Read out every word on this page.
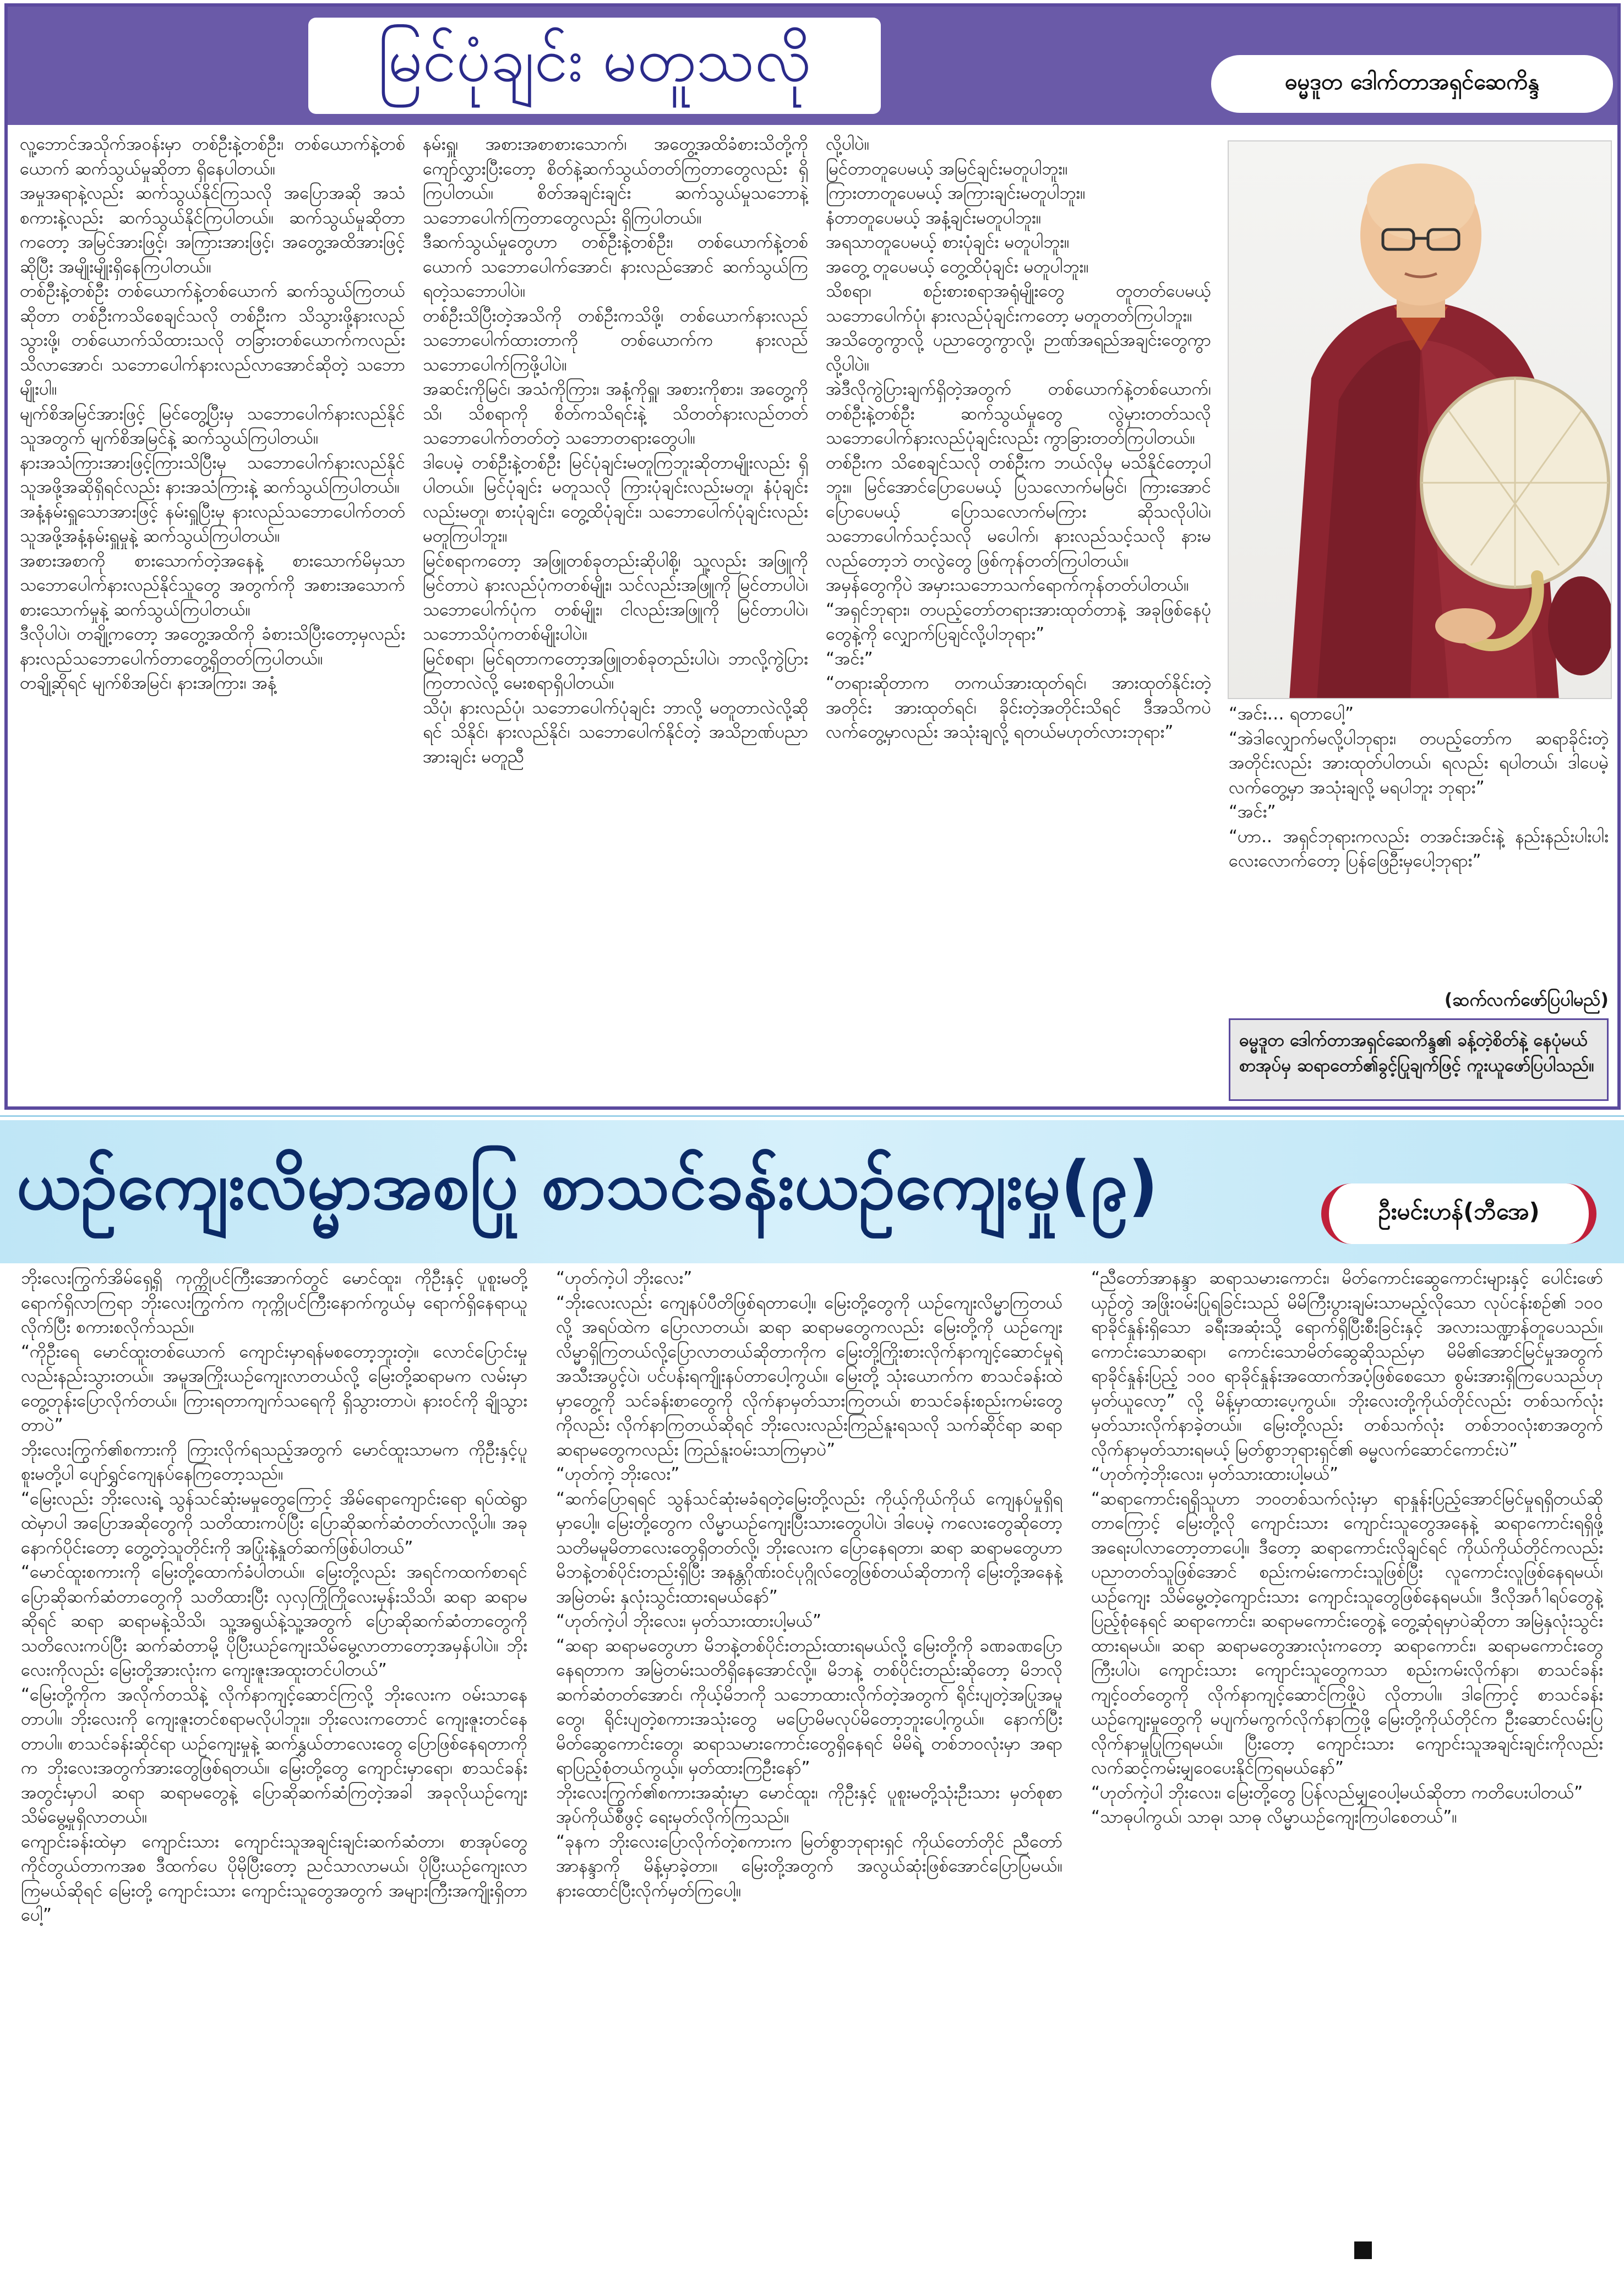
မြင်ပုံချင်း မတူသလို	ဓမ္မဒူတ ဒေါက်တာအရှင်ဆေကိန္ဒ
လူ့ဘောင်အသိုက်အဝန်းမှာ တစ်ဦးနဲ့တစ်ဦး၊ တစ်ယောက်နဲ့တစ်ယောက် ဆက်သွယ်မှုဆိုတာ ရှိနေပါတယ်။
အမှုအရာနဲ့လည်း ဆက်သွယ်နိုင်ကြသလို အပြောအဆို အသံစကားနဲ့လည်း ဆက်သွယ်နိုင်ကြပါတယ်။ ဆက်သွယ်မှုဆိုတာကတော့ အမြင်အားဖြင့်၊ အကြားအားဖြင့်၊ အတွေ့အထိအားဖြင့်ဆိုပြီး အမျိုးမျိုးရှိနေကြပါတယ်။
တစ်ဦးနဲ့တစ်ဦး တစ်ယောက်နဲ့တစ်ယောက် ဆက်သွယ်ကြတယ်ဆိုတာ တစ်ဦးကသိစေချင်သလို တစ်ဦးက သိသွားဖို့နားလည်သွားဖို့၊ တစ်ယောက်သိထားသလို တခြားတစ်ယောက်ကလည်း သိလာအောင်၊ သဘောပေါက်နားလည်လာအောင်ဆိုတဲ့ သဘောမျိုးပါ။
မျက်စိအမြင်အားဖြင့် မြင်တွေ့ပြီးမှ သဘောပေါက်နားလည်နိုင်သူအတွက် မျက်စိအမြင်နဲ့ ဆက်သွယ်ကြပါတယ်။
နားအသံကြားအားဖြင့်ကြားသိပြီးမှ သဘောပေါက်နားလည်နိုင်သူအဖို့အဆိုရှိရင်လည်း နားအသံကြားနဲ့ ဆက်သွယ်ကြပါတယ်။
အနံ့နမ်းရှူသောအားဖြင့် နမ်းရှူပြီးမှ နားလည်သဘောပေါက်တတ်သူအဖို့အနံ့နမ်းရှူမှုနဲ့ ဆက်သွယ်ကြပါတယ်။
အစားအစာကို စားသောက်တဲ့အနေနဲ့ စားသောက်မိမှသာ သဘောပေါက်နားလည်နိုင်သူတွေ အတွက်ကို အစားအသောက်စားသောက်မှုနဲ့ ဆက်သွယ်ကြပါတယ်။
ဒီလိုပါပဲ၊ တချို့ကတော့ အတွေ့အထိကို ခံစားသိပြီးတော့မှလည်း နားလည်သဘောပေါက်တာတွေ့ရှိတတ်ကြပါတယ်။
တချို့ဆိုရင် မျက်စိအမြင်၊ နားအကြား၊ အနံ့
နမ်းရှူ၊ အစားအစာစားသောက်၊ အတွေ့အထိခံစားသိတို့ကို ကျော်လွှားပြီးတော့ စိတ်နဲ့ဆက်သွယ်တတ်ကြတာတွေလည်း ရှိကြပါတယ်။ စိတ်အချင်းချင်း ဆက်သွယ်မှုသဘောနဲ့ သဘောပေါက်ကြတာတွေလည်း ရှိကြပါတယ်။
ဒီဆက်သွယ်မှုတွေဟာ တစ်ဦးနဲ့တစ်ဦး၊ တစ်ယောက်နဲ့တစ်ယောက် သဘောပေါက်အောင်၊ နားလည်အောင် ဆက်သွယ်ကြရတဲ့သဘောပါပဲ။
တစ်ဦးသိပြီးတဲ့အသိကို တစ်ဦးကသိဖို့၊ တစ်ယောက်နားလည်သဘောပေါက်ထားတာကို တစ်ယောက်က နားလည်သဘောပေါက်ကြဖို့ပါပဲ။
အဆင်းကိုမြင်၊ အသံကိုကြား၊ အနံ့ကိုရှူ၊ အစားကိုစား၊ အတွေ့ကိုသိ၊ သိစရာကို စိတ်ကသိရင်းနဲ့ သိတတ်နားလည်တတ် သဘောပေါက်တတ်တဲ့ သဘောတရားတွေပါ။
ဒါပေမဲ့ တစ်ဦးနဲ့တစ်ဦး မြင်ပုံချင်းမတူကြဘူးဆိုတာမျိုးလည်း ရှိပါတယ်။ မြင်ပုံချင်း မတူသလို ကြားပုံချင်းလည်းမတူ၊ နံပုံချင်းလည်းမတူ၊ စားပုံချင်း၊ တွေ့ထိပုံချင်း၊ သဘောပေါက်ပုံချင်းလည်း မတူကြပါဘူး။
မြင်စရာကတော့ အဖြူတစ်ခုတည်းဆိုပါစို့၊ သူ့လည်း အဖြူကိုမြင်တာပဲ နားလည်ပုံကတစ်မျိုး၊ သင်လည်းအဖြူကို မြင်တာပါပဲ၊ သဘောပေါက်ပုံက တစ်မျိုး၊ ငါလည်းအဖြူကို မြင်တာပါပဲ၊ သဘောသိပုံကတစ်မျိုးပါပဲ။
မြင်စရာ၊ မြင်ရတာကတော့အဖြူတစ်ခုတည်းပါပဲ၊ ဘာလို့ကွဲပြားကြတာလဲလို့ မေးစရာရှိပါတယ်။
သိပုံ၊ နားလည်ပုံ၊ သဘောပေါက်ပုံချင်း ဘာလို့ မတူတာလဲလို့ဆိုရင် သိနိုင်၊ နားလည်နိုင်၊ သဘောပေါက်နိုင်တဲ့ အသိဉာဏ်ပညာအားချင်း မတူညီ
လို့ပါပဲ။
မြင်တာတူပေမယ့် အမြင်ချင်းမတူပါဘူး။
ကြားတာတူပေမယ့် အကြားချင်းမတူပါဘူး။
နံတာတူပေမယ့် အနံ့ချင်းမတူပါဘူး။
အရသာတူပေမယ့် စားပုံချင်း မတူပါဘူး။
အတွေ့ တူပေမယ့် တွေ့ထိပုံချင်း မတူပါဘူး။
သိစရာ၊ စဉ်းစားစရာအရုံမျိုးတွေ တူတတ်ပေမယ့် သဘောပေါက်ပုံ၊ နားလည်ပုံချင်းကတော့ မတူတတ်ကြပါဘူး။
အသိတွေကွာလို့ ပညာတွေကွာလို့၊ ဉာဏ်အရည်အချင်းတွေကွာလို့ပါပဲ။
အဲဒီလိုကွဲပြားချက်ရှိတဲ့အတွက် တစ်ယောက်နဲ့တစ်ယောက်၊ တစ်ဦးနဲ့တစ်ဦး ဆက်သွယ်မှုတွေ လွဲမှားတတ်သလို သဘောပေါက်နားလည်ပုံချင်းလည်း ကွာခြားတတ်ကြပါတယ်။
တစ်ဦးက သိစေချင်သလို တစ်ဦးက ဘယ်လိုမှ မသိနိုင်တော့ပါဘူး။ မြင်အောင်ပြောပေမယ့် ပြသလောက်မမြင်၊ ကြားအောင်ပြောပေမယ့် ပြောသလောက်မကြား ဆိုသလိုပါပဲ၊ သဘောပေါက်သင့်သလို မပေါက်၊ နားလည်သင့်သလို နားမလည်တော့ဘဲ တလွဲတွေ ဖြစ်ကုန်တတ်ကြပါတယ်။
အမှန်တွေကိုပဲ အမှားသဘောသက်ရောက်ကုန်တတ်ပါတယ်။
“အရှင်ဘုရား၊ တပည့်တော်တရားအားထုတ်တာနဲ့ အခုဖြစ်နေပုံတွေနဲ့ကို လျှောက်ပြချင်လို့ပါဘုရား”
“အင်း”
“တရားဆိုတာက တကယ်အားထုတ်ရင်၊ အားထုတ်နိုင်းတဲ့အတိုင်း အားထုတ်ရင်၊ ခိုင်းတဲ့အတိုင်းသိရင် ဒီအသိကပဲ လက်တွေ့မှာလည်း အသုံးချလို့ ရတယ်မဟုတ်လားဘုရား”
“အင်း… ရတာပေါ့”
“အဲဒါလျှောက်မလို့ပါဘုရား၊ တပည့်တော်က ဆရာခိုင်းတဲ့အတိုင်းလည်း အားထုတ်ပါတယ်၊ ရလည်း ရပါတယ်၊ ဒါပေမဲ့ လက်တွေ့မှာ အသုံးချလို့ မရပါဘူး ဘုရား”
“အင်း”
“ဟာ.. အရှင်ဘုရားကလည်း တအင်းအင်းနဲ့ နည်းနည်းပါးပါးလေးလောက်တော့ ပြန်ဖြေဦးမှပေါ့ဘုရား”
(ဆက်လက်ဖော်ပြပါမည်)
ဓမ္မဒူတ ဒေါက်တာအရှင်ဆေကိန္ဒ၏ ခန့်တဲ့စိတ်နဲ့ နေပုံမယ် စာအုပ်မှ ဆရာတော်၏ခွင့်ပြုချက်ဖြင့် ကူးယူဖော်ပြပါသည်။
ယဉ်ကျေးလိမ္မာအစပြု စာသင်ခန်းယဉ်ကျေးမှု(၉)	ဦးမင်းဟန်(ဘီအေ)
ဘိုးလေးကြွက်အိမ်ရှေ့ရှိ ကုက္ကိုပင်ကြီးအောက်တွင် မောင်ထူး၊ ကိုဦးနှင့် ပူစူးမတို့ရောက်ရှိလာကြရာ ဘိုးလေးကြွက်က ကုက္ကိုပင်ကြီးနောက်ကွယ်မှ ရောက်ရှိနေရာယူလိုက်ပြီး စကားစလိုက်သည်။
“ကိုဦးရေ မောင်ထူးတစ်ယောက် ကျောင်းမှာရန်မစတော့ဘူးတဲ့။ လောင်ပြောင်းမှုလည်းနည်းသွားတယ်။ အမူအကြိုးယဉ်ကျေးလာတယ်လို့ မြေးတို့ဆရာမက လမ်းမှာတွေ့တုန်းပြောလိုက်တယ်။ ကြားရတာကျက်သရေကို ရှိသွားတာပဲ၊ နားဝင်ကို ချိုသွားတာပဲ”
ဘိုးလေးကြွက်၏စကားကို ကြားလိုက်ရသည့်အတွက် မောင်ထူးသာမက ကိုဦးနှင့်ပူစူးမတို့ပါ ပျော်ရွှင်ကျေနပ်နေကြတော့သည်။
“မြေးလည်း ဘိုးလေးရဲ့ သွန်သင်ဆုံးမမှုတွေကြောင့် အိမ်ရောကျောင်းရော ရပ်ထဲရွာထဲမှာပါ အပြောအဆိုတွေကို သတိထားကပ်ပြီး ပြောဆိုဆက်ဆံတတ်လာလို့ပါ။ အခုနောက်ပိုင်းတော့ တွေ့တဲ့သူတိုင်းကို အပြုံးနဲ့နှုတ်ဆက်ဖြစ်ပါတယ်”
“မောင်ထူးစကားကို မြေးတို့ထောက်ခံပါတယ်။ မြေးတို့လည်း အရင်ကထက်စာရင် ပြောဆိုဆက်ဆံတာတွေကို သတိထားပြီး လှလှကြိုကြိုလေးမှန်းသိသိ၊ ဆရာ ဆရာမဆိုရင် ဆရာ ဆရာမနဲ့သိသိ၊ သူ့အရွယ်နဲ့သူ့အတွက် ပြောဆိုဆက်ဆံတာတွေကို သတိလေးကပ်ပြီး ဆက်ဆံတာမို့ ပိုပြီးယဉ်ကျေးသိမ်မွေ့လာတာတော့အမှန်ပါပဲ။ ဘိုးလေးကိုလည်း မြေးတို့အားလုံးက ကျေးဇူးအထူးတင်ပါတယ်”
“မြေးတို့ကိုက အလိုက်တသိနဲ့ လိုက်နာကျင့်ဆောင်ကြလို့ ဘိုးလေးက ဝမ်းသာနေတာပါ။ ဘိုးလေးကို ကျေးဇူးတင်စရာမလိုပါဘူး။ ဘိုးလေးကတောင် ကျေးဇူးတင်နေတာပါ။ စာသင်ခန်းဆိုင်ရာ ယဉ်ကျေးမှုနဲ့ ဆက်နွှယ်တာလေးတွေ ပြောဖြစ်နေရတာကိုက ဘိုးလေးအတွက်အားတွေဖြစ်ရတယ်။ မြေးတို့တွေ ကျောင်းမှာရော၊ စာသင်ခန်းအတွင်းမှာပါ ဆရာ ဆရာမတွေနဲ့ ပြောဆိုဆက်ဆံကြတဲ့အခါ အခုလိုယဉ်ကျေးသိမ်မွေ့မှုရှိလာတယ်။
ကျောင်းခန်းထဲမှာ ကျောင်းသား ကျောင်းသူအချင်းချင်းဆက်ဆံတာ၊ စာအုပ်တွေကိုင်တွယ်တာကအစ ဒီထက်ပေ ပိုမိုပြီးတော့ ညင်သာလာမယ်၊ ပိုပြီးယဉ်ကျေးလာကြမယ်ဆိုရင် မြေးတို့ ကျောင်းသား ကျောင်းသူတွေအတွက် အများကြီးအကျိုးရှိတာပေါ့”
“ဟုတ်ကဲ့ပါ ဘိုးလေး”
“ဘိုးလေးလည်း ကျေနပ်ပီတိဖြစ်ရတာပေါ့။ မြေးတို့တွေကို ယဉ်ကျေးလိမ္မာကြတယ်လို့ အရပ်ထဲက ပြောလာတယ်၊ ဆရာ ဆရာမတွေကလည်း မြေးတို့ကို ယဉ်ကျေးလိမ္မာရှိကြတယ်လို့ပြောလာတယ်ဆိုတာကိုက မြေးတို့ကြိုးစားလိုက်နာကျင့်ဆောင်မှုရဲ့ အသီးအပွင့်ပဲ၊ ပင်ပန်းရကျိုးနပ်တာပေါ့ကွယ်။ မြေးတို့ သုံးယောက်က စာသင်ခန်းထဲမှာတွေ့ကို သင်ခန်းစာတွေကို လိုက်နာမှတ်သားကြတယ်၊ စာသင်ခန်းစည်းကမ်းတွေကိုလည်း လိုက်နာကြတယ်ဆိုရင် ဘိုးလေးလည်းကြည်နူးရသလို သက်ဆိုင်ရာ ဆရာ ဆရာမတွေကလည်း ကြည်နူးဝမ်းသာကြမှာပဲ”
“ဟုတ်ကဲ့ ဘိုးလေး”
“ဆက်ပြောရရင် သွန်သင်ဆုံးမခံရတဲ့မြေးတို့လည်း ကိုယ့်ကိုယ်ကိုယ် ကျေနပ်မှုရှိရမှာပေါ့။ မြေးတို့တွေက လိမ္မာယဉ်ကျေးပြီးသားတွေပါပဲ၊ ဒါပေမဲ့ ကလေးတွေဆိုတော့ သတိမမူမိတာလေးတွေရှိတတ်လို့၊ ဘိုးလေးက ပြောနေရတာ၊ ဆရာ ဆရာမတွေဟာ မိဘနဲ့တစ်ပိုင်းတည်းရှိပြီး အနန္တဂိုဏ်းဝင်ပုဂ္ဂိုလ်တွေဖြစ်တယ်ဆိုတာကို မြေးတို့အနေနဲ့ အမြဲတမ်း နှလုံးသွင်းထားရမယ်နော်”
“ဟုတ်ကဲ့ပါ ဘိုးလေး၊ မှတ်သားထားပါ့မယ်”
“ဆရာ ဆရာမတွေဟာ မိဘနဲ့တစ်ပိုင်းတည်းထားရမယ်လို့ မြေးတို့ကို ခဏခဏပြောနေရတာက အမြဲတမ်းသတိရှိနေအောင်လို့။ မိဘနဲ့ တစ်ပိုင်းတည်းဆိုတော့ မိဘလိုဆက်ဆံတတ်အောင်၊ ကိုယ့်မိဘကို သဘောထားလိုက်တဲ့အတွက် ရိုင်းပျတဲ့အပြုအမူတွေ၊ ရိုင်းပျတဲ့စကားအသုံးတွေ မပြောမိမလုပ်မိတော့ဘူးပေါ့ကွယ်။ နောက်ပြီး မိတ်ဆွေကောင်းတွေ၊ ဆရာသမားကောင်းတွေရှိနေရင် မိမိရဲ့ တစ်ဘဝလုံးမှာ အရာရာပြည့်စုံတယ်ကွယ့်။ မှတ်ထားကြဦးနော်”
ဘိုးလေးကြွက်၏စကားအဆုံးမှာ မောင်ထူး၊ ကိုဦးနှင့် ပူစူးမတို့သုံးဦးသား မှတ်စုစာအုပ်ကိုယ်စီဖွင့် ရေးမှတ်လိုက်ကြသည်။
“ခုနက ဘိုးလေးပြောလိုက်တဲ့စကားက မြတ်စွာဘုရားရှင် ကိုယ်တော်တိုင် ညီတော်အာနန္ဒာကို မိန့်မှာခဲ့တာ။ မြေးတို့အတွက် အလွယ်ဆုံးဖြစ်အောင်ပြောပြမယ်။ နားထောင်ပြီးလိုက်မှတ်ကြပေါ့။
“ညီတော်အာနန္ဒာ ဆရာသမားကောင်း၊ မိတ်ကောင်းဆွေကောင်းများနှင့် ပေါင်းဖော်ယှဉ်တွဲ အဖြိုးဝမ်းပြုရခြင်းသည် မိမိကြီးပွားချမ်းသာမည့်လိုသော လုပ်ငန်းစဉ်၏ ၁၀၀ ရာခိုင်နှုန်းရှိသော ခရီးအဆုံးသို့ ရောက်ရှိပြီးစီးခြင်းနှင့် အလားသဏ္ဍာန်တူပေသည်။ ကောင်းသောဆရာ၊ ကောင်းသောမိတ်ဆွေဆိုသည်မှာ မိမိ၏အောင်မြင်မှုအတွက် ရာခိုင်နှုန်းပြည့် ၁၀၀ ရာခိုင်နှုန်းအထောက်အပံ့ဖြစ်စေသော စွမ်းအားရှိကြပေသည်ဟု မှတ်ယူလော့” လို့ မိန့်မှာထားပေ့ကွယ်။ ဘိုးလေးတို့ကိုယ်တိုင်လည်း တစ်သက်လုံးမှတ်သားလိုက်နာခဲ့တယ်။ မြေးတို့လည်း တစ်သက်လုံး တစ်ဘဝလုံးစာအတွက် လိုက်နာမှတ်သားရမယ့် မြတ်စွာဘုရားရှင်၏ ဓမ္မလက်ဆောင်ကောင်းပဲ”
“ဟုတ်ကဲ့ဘိုးလေး၊ မှတ်သားထားပါ့မယ်”
“ဆရာကောင်းရရှိသူဟာ ဘဝတစ်သက်လုံးမှာ ရာနှုန်းပြည့်အောင်မြင်မှုရရှိတယ်ဆိုတာကြောင့် မြေးတို့လို ကျောင်းသား ကျောင်းသူတွေအနေနဲ့ ဆရာကောင်းရရှိဖို့ အရေးပါလာတော့တာပေါ့။ ဒီတော့ ဆရာကောင်းလိုချင်ရင် ကိုယ်ကိုယ်တိုင်ကလည်း ပညာတတ်သူဖြစ်အောင် စည်းကမ်းကောင်းသူဖြစ်ပြီး လူကောင်းလူဖြစ်နေရမယ်၊ ယဉ်ကျေး သိမ်မွေ့တဲ့ကျောင်းသား ကျောင်းသူတွေဖြစ်နေရမယ်။ ဒီလိုအင်္ဂါရပ်တွေနဲ့ပြည့်စုံနေရင် ဆရာကောင်း၊ ဆရာမကောင်းတွေနဲ့ တွေ့ဆုံရမှာပဲဆိုတာ အမြဲနှလုံးသွင်းထားရမယ်။ ဆရာ ဆရာမတွေအားလုံးကတော့ ဆရာကောင်း၊ ဆရာမကောင်းတွေကြီးပါပဲ၊ ကျောင်းသား ကျောင်းသူတွေကသာ စည်းကမ်းလိုက်နာ၊ စာသင်ခန်းကျင့်ဝတ်တွေကို လိုက်နာကျင့်ဆောင်ကြဖို့ပဲ လိုတာပါ။ ဒါကြောင့် စာသင်ခန်းယဉ်ကျေးမှုတွေကို မပျက်မကွက်လိုက်နာကြဖို့ မြေးတို့ကိုယ်တိုင်က ဦးဆောင်လမ်းပြလိုက်နာမှုပြုကြရမယ်။ ပြီးတော့ ကျောင်းသား ကျောင်းသူအချင်းချင်းကိုလည်း လက်ဆင့်ကမ်းမျှဝေပေးနိုင်ကြရမယ်နော်”
“ဟုတ်ကဲ့ပါ ဘိုးလေး၊ မြေးတို့တွေ ပြန်လည်မျှဝေပါ့မယ်ဆိုတာ ကတိပေးပါတယ်”
“သာဓုပါကွယ်၊ သာဓု၊ သာဓု လိမ္မာယဉ်ကျေးကြပါစေတယ်”။
